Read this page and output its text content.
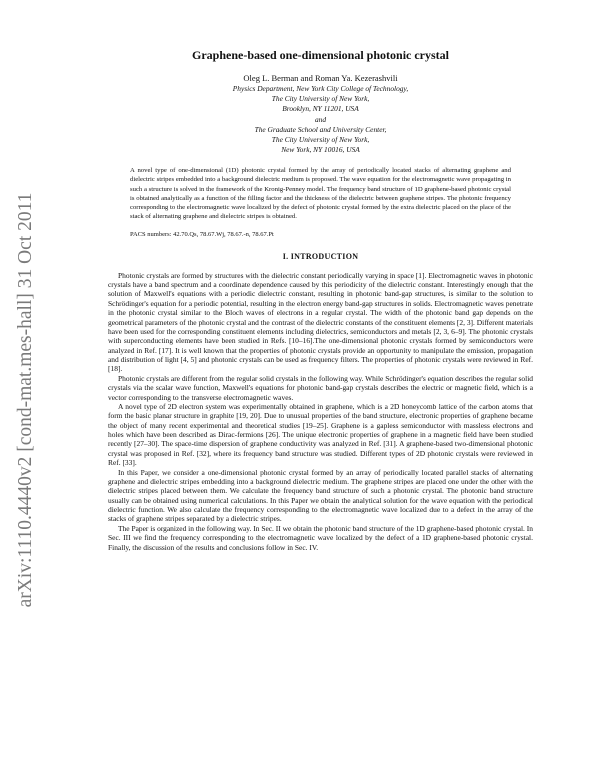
arXiv:1110.4440v2 [cond-mat.mes-hall] 31 Oct 2011
Graphene-based one-dimensional photonic crystal
Oleg L. Berman and Roman Ya. Kezerashvili
Physics Department, New York City College of Technology,
The City University of New York,
Brooklyn, NY 11201, USA
and
The Graduate School and University Center,
The City University of New York,
New York, NY 10016, USA
A novel type of one-dimensional (1D) photonic crystal formed by the array of periodically located stacks of alternating graphene and dielectric stripes embedded into a background dielectric medium is proposed. The wave equation for the electromagnetic wave propagating in such a structure is solved in the framework of the Kronig-Penney model. The frequency band structure of 1D graphene-based photonic crystal is obtained analytically as a function of the filling factor and the thickness of the dielectric between graphene stripes. The photonic frequency corresponding to the electromagnetic wave localized by the defect of photonic crystal formed by the extra dielectric placed on the place of the stack of alternating graphene and dielectric stripes is obtained.
PACS numbers: 42.70.Qs, 78.67.Wj, 78.67.-n, 78.67.Pt
I. INTRODUCTION

Photonic crystals are formed by structures with the dielectric constant periodically varying in space [1]. Electromagnetic waves in photonic crystals have a band spectrum and a coordinate dependence caused by this periodicity of the dielectric constant. Interestingly enough that the solution of Maxwell's equations with a periodic dielectric constant, resulting in photonic band-gap structures, is similar to the solution to Schrödinger's equation for a periodic potential, resulting in the electron energy band-gap structures in solids. Electromagnetic waves penetrate in the photonic crystal similar to the Bloch waves of electrons in a regular crystal. The width of the photonic band gap depends on the geometrical parameters of the photonic crystal and the contrast of the dielectric constants of the constituent elements [2, 3]. Different materials have been used for the corresponding constituent elements including dielectrics, semiconductors and metals [2, 3, 6–9]. The photonic crystals with superconducting elements have been studied in Refs. [10–16].The one-dimensional photonic crystals formed by semiconductors were analyzed in Ref. [17]. It is well known that the properties of photonic crystals provide an opportunity to manipulate the emission, propagation and distribution of light [4, 5] and photonic crystals can be used as frequency filters. The properties of photonic crystals were reviewed in Ref. [18].

Photonic crystals are different from the regular solid crystals in the following way. While Schrödinger's equation describes the regular solid crystals via the scalar wave function, Maxwell's equations for photonic band-gap crystals describes the electric or magnetic field, which is a vector corresponding to the transverse electromagnetic waves.

A novel type of 2D electron system was experimentally obtained in graphene, which is a 2D honeycomb lattice of the carbon atoms that form the basic planar structure in graphite [19, 20]. Due to unusual properties of the band structure, electronic properties of graphene became the object of many recent experimental and theoretical studies [19–25]. Graphene is a gapless semiconductor with massless electrons and holes which have been described as Dirac-fermions [26]. The unique electronic properties of graphene in a magnetic field have been studied recently [27–30]. The space-time dispersion of graphene conductivity was analyzed in Ref. [31]. A graphene-based two-dimensional photonic crystal was proposed in Ref. [32], where its frequency band structure was studied. Different types of 2D photonic crystals were reviewed in Ref. [33].

In this Paper, we consider a one-dimensional photonic crystal formed by an array of periodically located parallel stacks of alternating graphene and dielectric stripes embedding into a background dielectric medium. The graphene stripes are placed one under the other with the dielectric stripes placed between them. We calculate the frequency band structure of such a photonic crystal. The photonic band structure usually can be obtained using numerical calculations. In this Paper we obtain the analytical solution for the wave equation with the periodical dielectric function. We also calculate the frequency corresponding to the electromagnetic wave localized due to a defect in the array of the stacks of graphene stripes separated by a dielectric stripes.

The Paper is organized in the following way. In Sec. II we obtain the photonic band structure of the 1D graphene-based photonic crystal. In Sec. III we find the frequency corresponding to the electromagnetic wave localized by the defect of a 1D graphene-based photonic crystal. Finally, the discussion of the results and conclusions follow in Sec. IV.
